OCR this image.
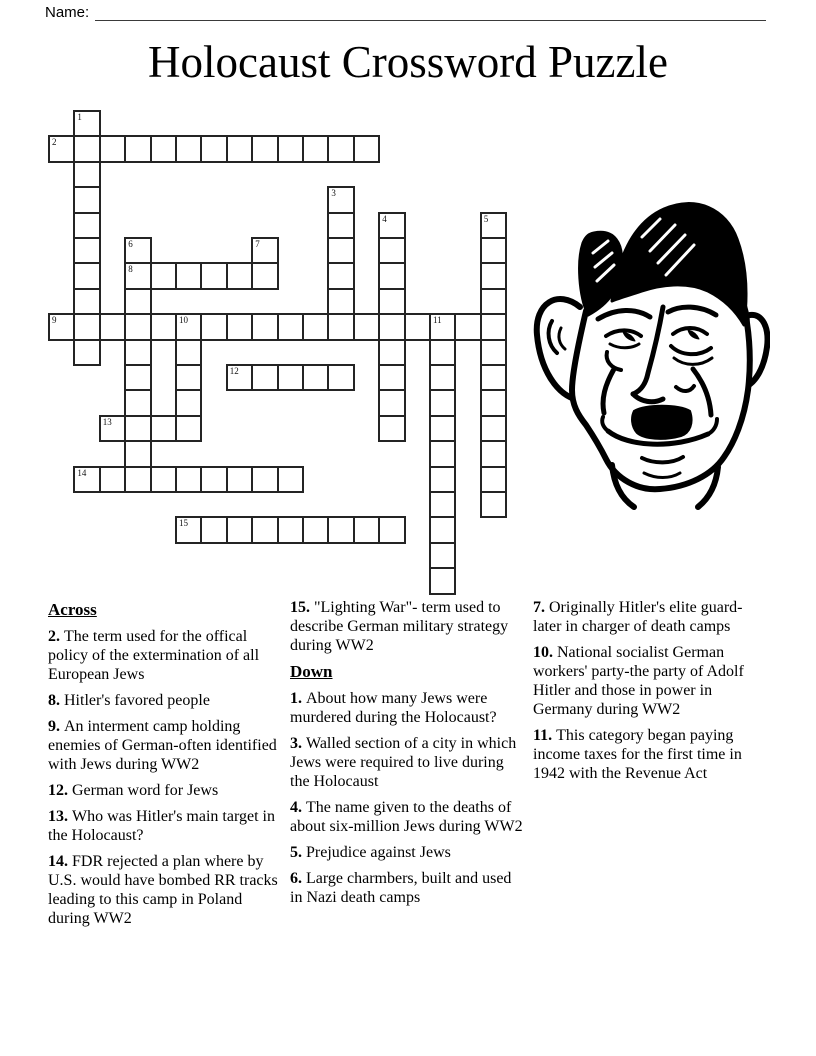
Name:
Holocaust Crossword Puzzle
1
2
3
4	5
6
8
7
9	10	11
12
13
14
15
Across

2. The term used for the offical policy of the extermination of all European Jews

8. Hitler's favored people

9. An interment camp holding enemies of German-often identified with Jews during WW2

12. German word for Jews

13. Who was Hitler's main target in the Holocaust?

14. FDR rejected a plan where by U.S. would have bombed RR tracks leading to this camp in Poland during WW2

15. "Lighting War"- term used to describe German military strategy during WW2

Down

1. About how many Jews were murdered during the Holocaust?

3. Walled section of a city in which Jews were required to live during the Holocaust

4. The name given to the deaths of about six-million Jews during WW2

5. Prejudice against Jews

6. Large charmbers, built and used in Nazi death camps

7. Originally Hitler's elite guard- later in charger of death camps

10. National socialist German workers' party-the party of Adolf Hitler and those in power in Germany during WW2

11. This category began paying income taxes for the first time in 1942 with the Revenue Act
